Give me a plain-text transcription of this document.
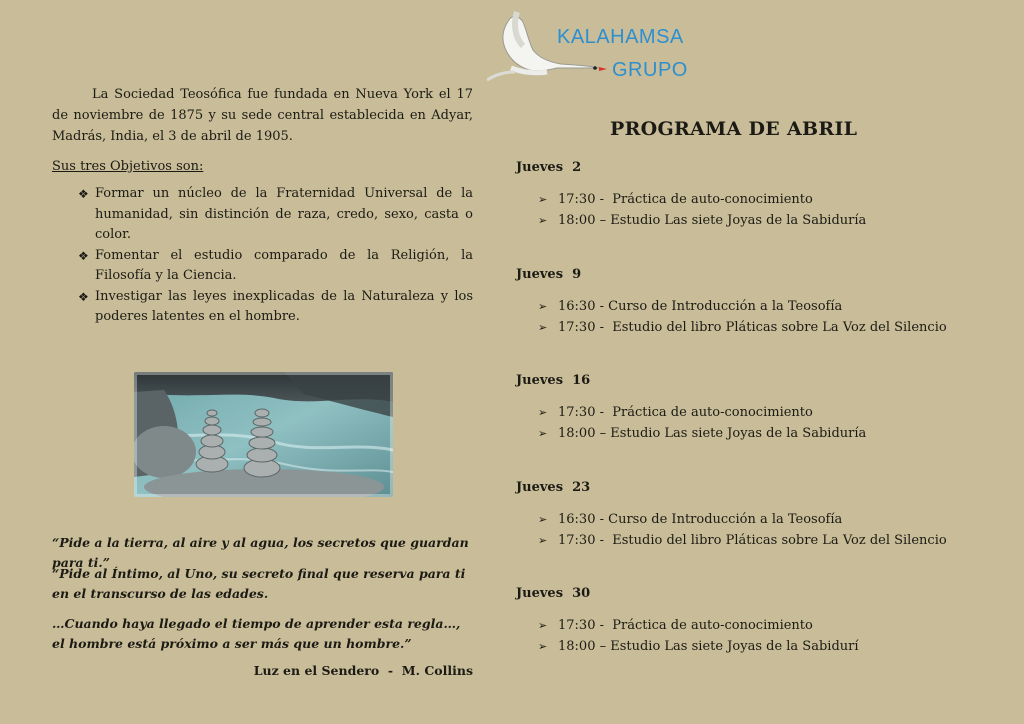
La Sociedad Teosófica fue fundada en Nueva York el 17 de noviembre de 1875 y su sede central establecida en Adyar, Madrás, India, el 3 de abril de 1905.

Sus tres Objetivos son:
❖ Formar un núcleo de la Fraternidad Universal de la humanidad, sin distinción de raza, credo, sexo, casta o color.
❖ Fomentar el estudio comparado de la Religión, la Filosofía y la Ciencia.
❖ Investigar las leyes inexplicadas de la Naturaleza y los poderes latentes en el hombre.
“Pide a la tierra, al aire y al agua, los secretos que guardan para ti.”
“Pide al Íntimo, al Uno, su secreto final que reserva para ti en el transcurso de las edades.
…Cuando haya llegado el tiempo de aprender esta regla…, el hombre está próximo a ser más que un hombre.”
Luz en el Sendero  -  M. Collins
KALAHAMSA
GRUPO
PROGRAMA DE ABRIL
Jueves  2
➢ 17:30 -  Práctica de auto-conocimiento
➢ 18:00 – Estudio Las siete Joyas de la Sabiduría
Jueves  9
➢ 16:30 - Curso de Introducción a la Teosofía
➢ 17:30 -  Estudio del libro Pláticas sobre La Voz del Silencio
Jueves  16
➢ 17:30 -  Práctica de auto-conocimiento
➢ 18:00 – Estudio Las siete Joyas de la Sabiduría
Jueves  23
➢ 16:30 - Curso de Introducción a la Teosofía
➢ 17:30 -  Estudio del libro Pláticas sobre La Voz del Silencio
Jueves  30
➢ 17:30 -  Práctica de auto-conocimiento
➢ 18:00 – Estudio Las siete Joyas de la Sabidurí
